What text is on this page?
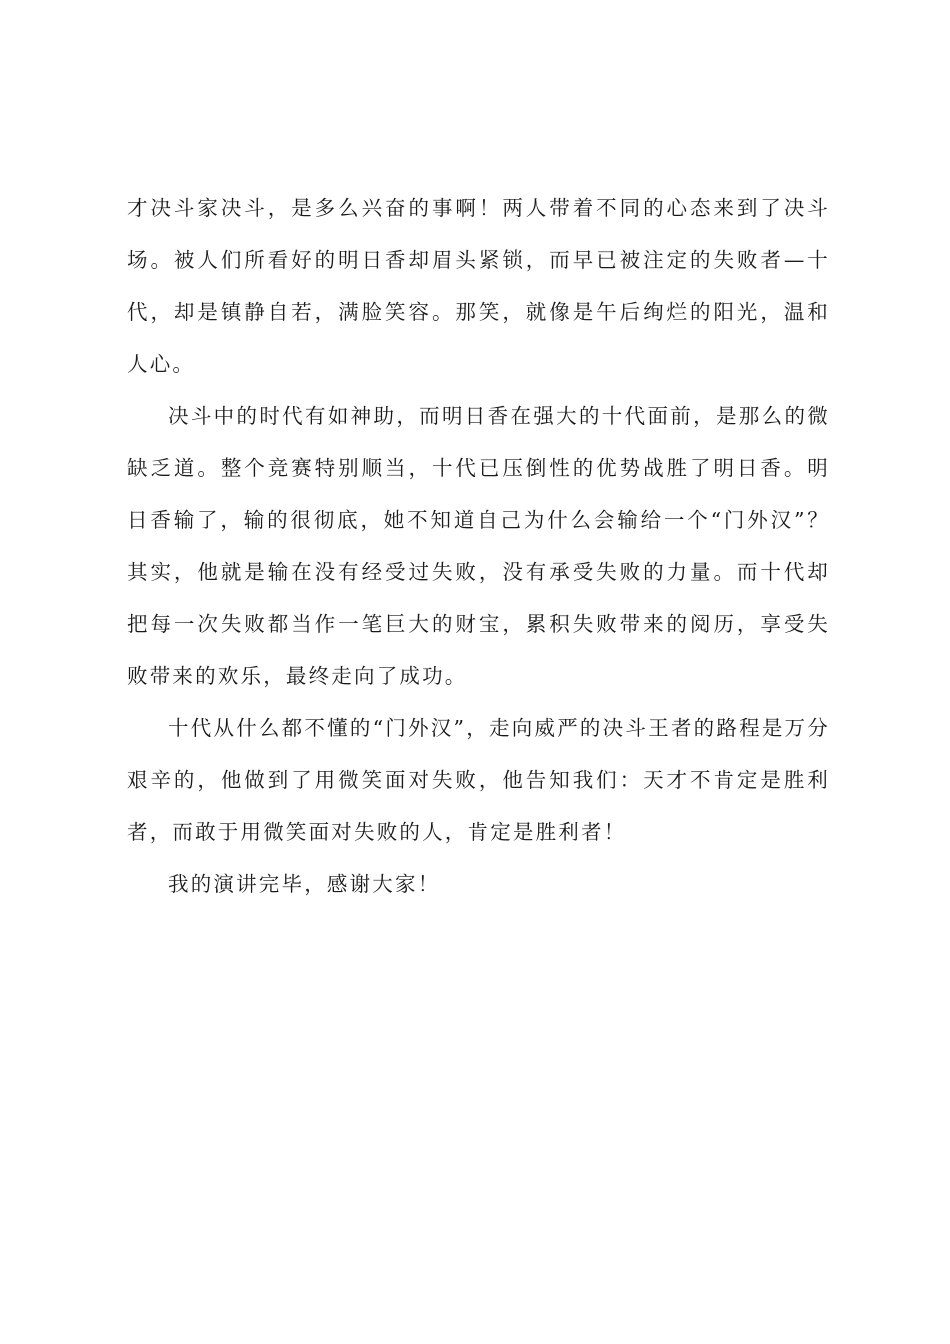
才决斗家决斗，是多么兴奋的事啊！两人带着不同的心态来到了决斗场。被人们所看好的明日香却眉头紧锁，而早已被注定的失败者—十代，却是镇静自若，满脸笑容。那笑，就像是午后绚烂的阳光，温和人心。

决斗中的时代有如神助，而明日香在强大的十代面前，是那么的微缺乏道。整个竞赛特别顺当，十代已压倒性的优势战胜了明日香。明日香输了，输的很彻底，她不知道自己为什么会输给一个“门外汉”？其实，他就是输在没有经受过失败，没有承受失败的力量。而十代却把每一次失败都当作一笔巨大的财宝，累积失败带来的阅历，享受失败带来的欢乐，最终走向了成功。

十代从什么都不懂的“门外汉”，走向威严的决斗王者的路程是万分艰辛的，他做到了用微笑面对失败，他告知我们：天才不肯定是胜利者，而敢于用微笑面对失败的人，肯定是胜利者！

我的演讲完毕，感谢大家！
